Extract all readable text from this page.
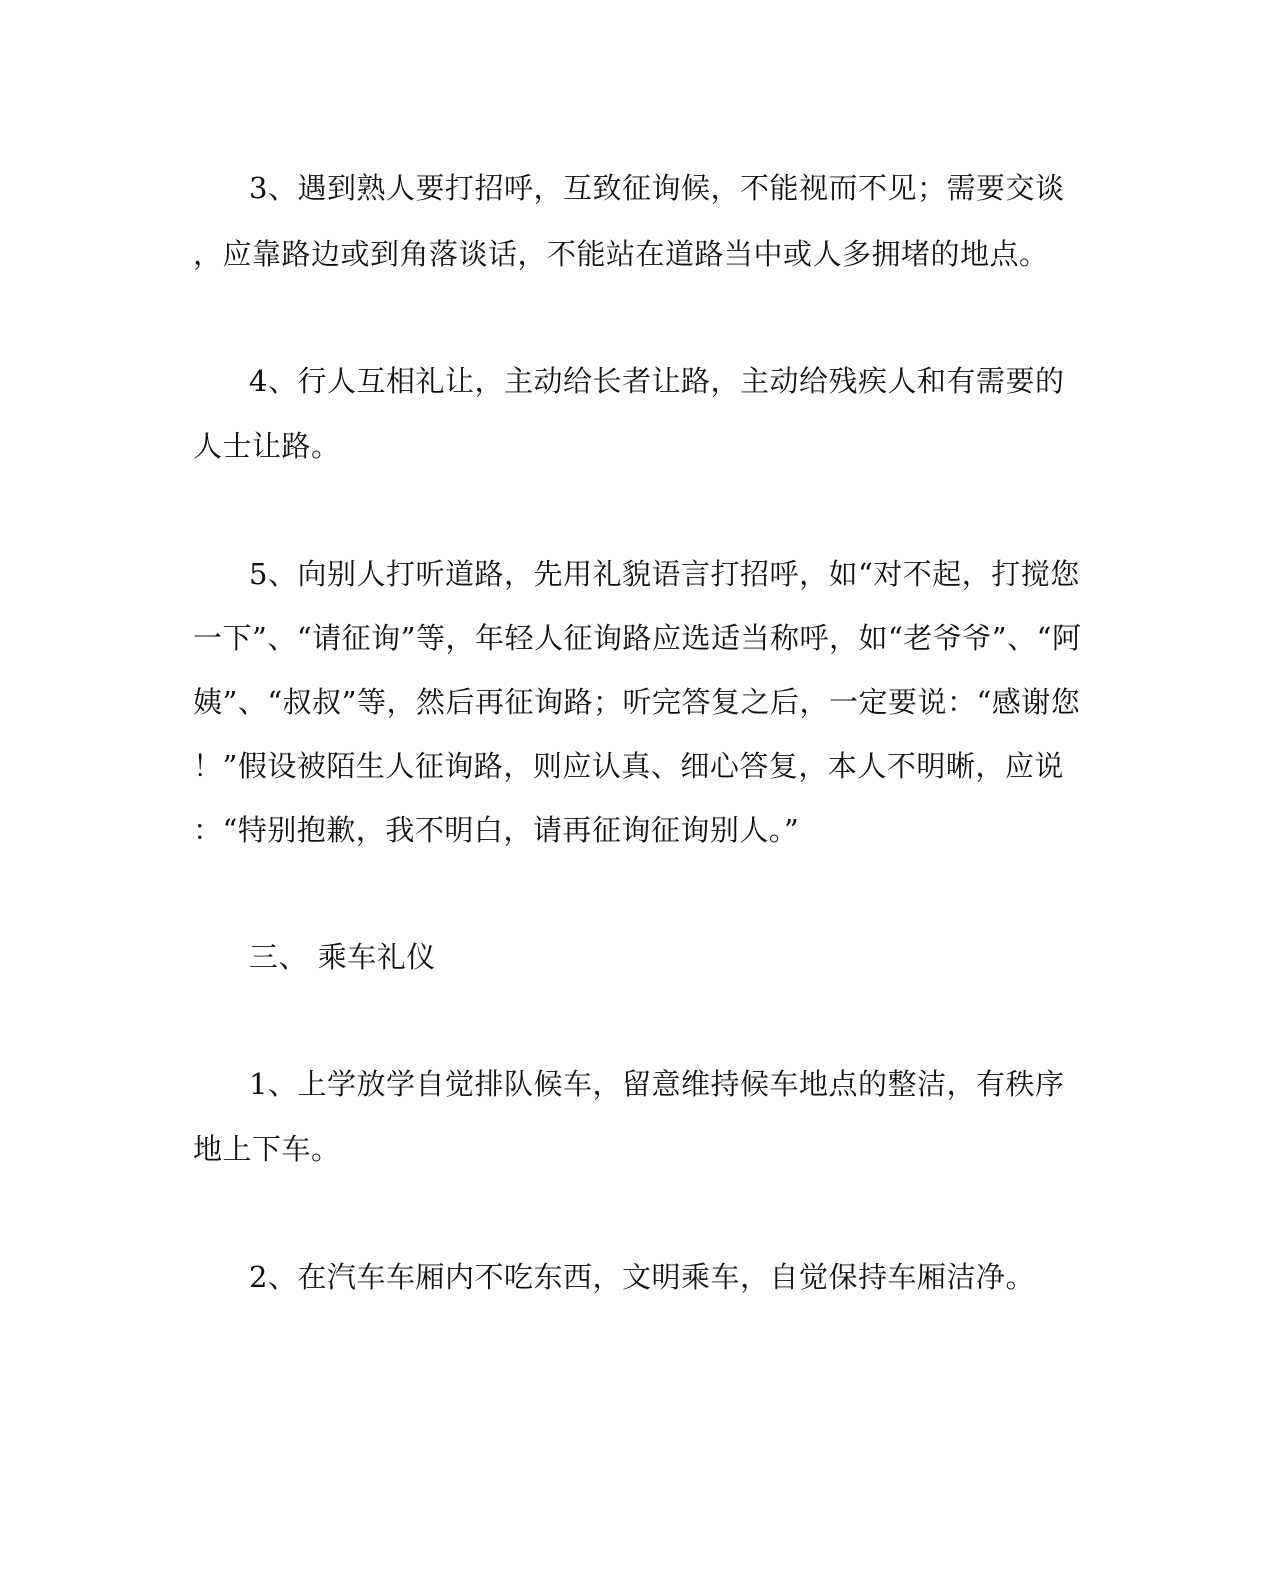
3、遇到熟人要打招呼，互致征询候，不能视而不见；需要交谈
，应靠路边或到角落谈话，不能站在道路当中或人多拥堵的地点。
4、行人互相礼让，主动给长者让路，主动给残疾人和有需要的
人士让路。
5、向别人打听道路，先用礼貌语言打招呼，如“对不起，打搅您
一下”、“请征询”等，年轻人征询路应选适当称呼，如“老爷爷”、“阿
姨”、“叔叔”等，然后再征询路；听完答复之后，一定要说：“感谢您
！”假设被陌生人征询路，则应认真、细心答复，本人不明晰，应说
：“特别抱歉，我不明白，请再征询征询别人。”
三、 乘车礼仪
1、上学放学自觉排队候车，留意维持候车地点的整洁，有秩序
地上下车。
2、在汽车车厢内不吃东西，文明乘车，自觉保持车厢洁净。
